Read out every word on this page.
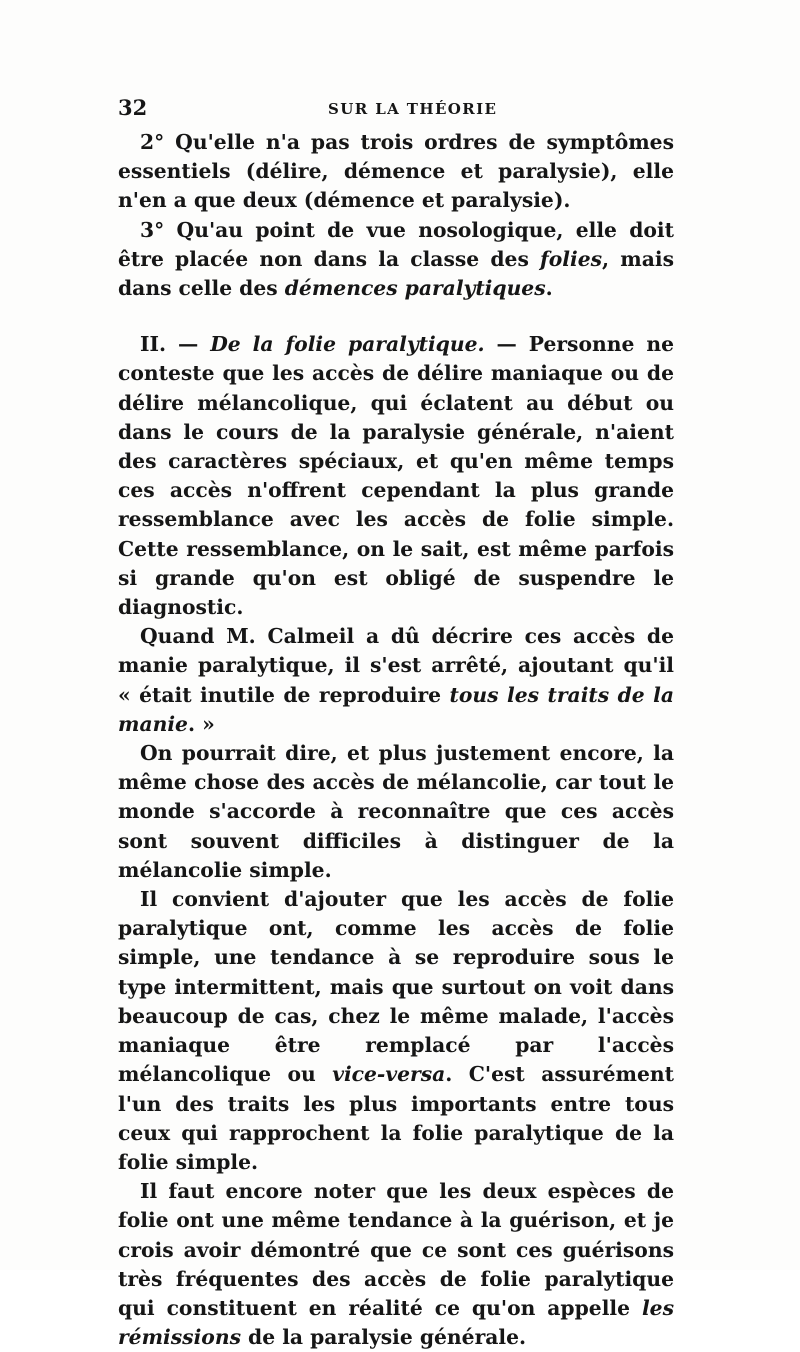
32	SUR LA THÉORIE

2° Qu'elle n'a pas trois ordres de symptômes essentiels (délire, démence et paralysie), elle n'en a que deux (démence et paralysie).

3° Qu'au point de vue nosologique, elle doit être placée non dans la classe des folies, mais dans celle des démences paralytiques.

II. — De la folie paralytique. — Personne ne conteste que les accès de délire maniaque ou de délire mélancolique, qui éclatent au début ou dans le cours de la paralysie générale, n'aient des caractères spéciaux, et qu'en même temps ces accès n'offrent cependant la plus grande ressemblance avec les accès de folie simple. Cette ressemblance, on le sait, est même parfois si grande qu'on est obligé de suspendre le diagnostic.

Quand M. Calmeil a dû décrire ces accès de manie paralytique, il s'est arrêté, ajoutant qu'il « était inutile de reproduire tous les traits de la manie. »

On pourrait dire, et plus justement encore, la même chose des accès de mélancolie, car tout le monde s'accorde à reconnaître que ces accès sont souvent difficiles à distinguer de la mélancolie simple.

Il convient d'ajouter que les accès de folie paralytique ont, comme les accès de folie simple, une tendance à se reproduire sous le type intermittent, mais que surtout on voit dans beaucoup de cas, chez le même malade, l'accès maniaque être remplacé par l'accès mélancolique ou vice-versa. C'est assurément l'un des traits les plus importants entre tous ceux qui rapprochent la folie paralytique de la folie simple.

Il faut encore noter que les deux espèces de folie ont une même tendance à la guérison, et je crois avoir démontré que ce sont ces guérisons très fréquentes des accès de folie paralytique qui constituent en réalité ce qu'on appelle les rémissions de la paralysie générale.
